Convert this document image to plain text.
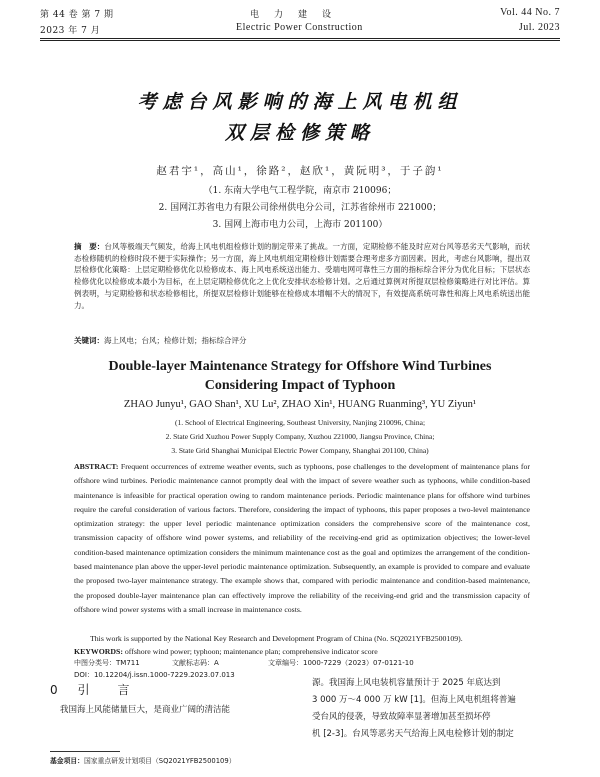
第 44 卷 第 7 期	电　力　建　设	Vol. 44 No. 7
2023 年 7 月	Electric Power Construction	Jul. 2023
考虑台风影响的海上风电机组
双层检修策略
赵君宇¹，高山¹，徐路²，赵欣¹，黄阮明³，于子韵¹
（1. 东南大学电气工程学院，南京市 210096；
2. 国网江苏省电力有限公司徐州供电分公司，江苏省徐州市 221000；
3. 国网上海市电力公司，上海市 201100）
摘　要：台风等极端天气频发，给海上风电机组检修计划的制定带来了挑战。一方面，定期检修不能及时应对台风等恶劣天气影响，而状态检修随机的检修时段不便于实际操作；另一方面，海上风电机组定期检修计划需要合理考虑多方面因素。因此，考虑台风影响，提出双层检修优化策略：上层定期检修优化以检修成本、海上风电系统送出能力、受端电网可靠性三方面的指标综合评分为优化目标；下层状态检修优化以检修成本最小为目标，在上层定期检修优化之上优化安排状态检修计划。之后通过算例对所提双层检修策略进行对比评估。算例表明，与定期检修和状态检修相比，所提双层检修计划能够在检修成本增幅不大的情况下，有效提高系统可靠性和海上风电系统送出能力。
关键词：海上风电；台风；检修计划；指标综合评分
Double-layer Maintenance Strategy for Offshore Wind Turbines
Considering Impact of Typhoon
ZHAO Junyu¹, GAO Shan¹, XU Lu², ZHAO Xin¹, HUANG Ruanming³, YU Ziyun¹
(1. School of Electrical Engineering, Southeast University, Nanjing 210096, China;
2. State Grid Xuzhou Power Supply Company, Xuzhou 221000, Jiangsu Province, China;
3. State Grid Shanghai Municipal Electric Power Company, Shanghai 201100, China)
ABSTRACT: Frequent occurrences of extreme weather events, such as typhoons, pose challenges to the development of maintenance plans for offshore wind turbines. Periodic maintenance cannot promptly deal with the impact of severe weather such as typhoons, while condition-based maintenance is infeasible for practical operation owing to random maintenance periods. Periodic maintenance plans for offshore wind turbines require the careful consideration of various factors. Therefore, considering the impact of typhoons, this paper proposes a two-level maintenance optimization strategy: the upper level periodic maintenance optimization considers the comprehensive score of the maintenance cost, transmission capacity of offshore wind power systems, and reliability of the receiving-end grid as optimization objectives; the lower-level condition-based maintenance optimization considers the minimum maintenance cost as the goal and optimizes the arrangement of the condition-based maintenance plan above the upper-level periodic maintenance optimization. Subsequently, an example is provided to compare and evaluate the proposed two-layer maintenance strategy. The example shows that, compared with periodic maintenance and condition-based maintenance, the proposed double-layer maintenance plan can effectively improve the reliability of the receiving-end grid and the transmission capacity of offshore wind power systems with a small increase in maintenance costs.
This work is supported by the National Key Research and Development Program of China (No. SQ2021YFB2500109).
KEYWORDS: offshore wind power; typhoon; maintenance plan; comprehensive indicator score
中图分类号：TM711	文献标志码：A	文章编号：1000-7229（2023）07-0121-10
DOI：10.12204/j.issn.1000-7229.2023.07.013
0 引　言
我国海上风能储量巨大，是商业广阔的清洁能
源。我国海上风电装机容量预计于 2025 年底达到
3 000 万～4 000 万 kW [1]。但海上风电机组将普遍
受台风的侵袭，导致故障率显著增加甚至损坏停
机 [2-3]。台风等恶劣天气给海上风电检修计划的制定
基金项目：国家重点研发计划项目（SQ2021YFB2500109）
